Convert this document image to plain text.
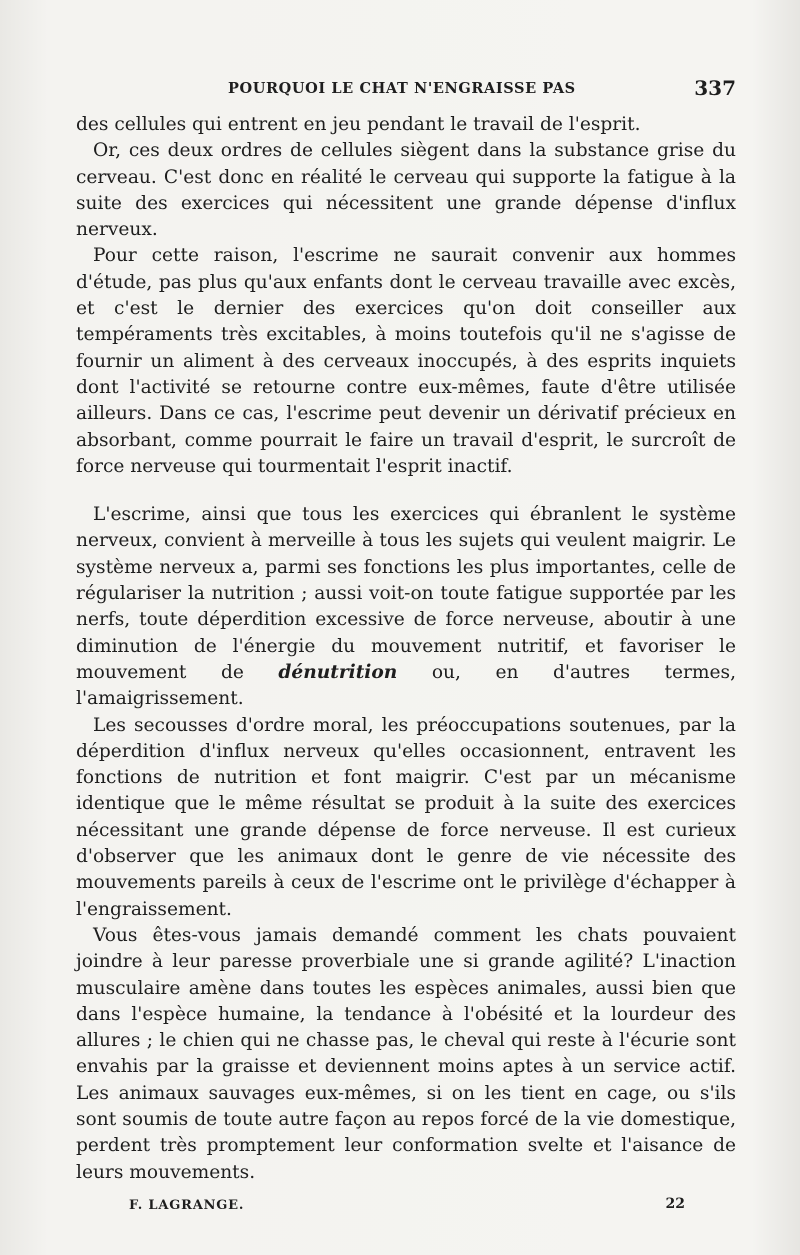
POURQUOI LE CHAT N'ENGRAISSE PAS	337

des cellules qui entrent en jeu pendant le travail de l'esprit.

Or, ces deux ordres de cellules siègent dans la substance grise du cerveau. C'est donc en réalité le cerveau qui supporte la fatigue à la suite des exercices qui nécessitent une grande dépense d'influx nerveux.

Pour cette raison, l'escrime ne saurait convenir aux hommes d'étude, pas plus qu'aux enfants dont le cerveau travaille avec excès, et c'est le dernier des exercices qu'on doit conseiller aux tempéraments très excitables, à moins toutefois qu'il ne s'agisse de fournir un aliment à des cerveaux inoccupés, à des esprits inquiets dont l'activité se retourne contre eux-mêmes, faute d'être utilisée ailleurs. Dans ce cas, l'escrime peut devenir un dérivatif précieux en absorbant, comme pourrait le faire un travail d'esprit, le surcroît de force nerveuse qui tourmentait l'esprit inactif.

L'escrime, ainsi que tous les exercices qui ébranlent le système nerveux, convient à merveille à tous les sujets qui veulent maigrir. Le système nerveux a, parmi ses fonctions les plus importantes, celle de régulariser la nutrition ; aussi voit-on toute fatigue supportée par les nerfs, toute déperdition excessive de force nerveuse, aboutir à une diminution de l'énergie du mouvement nutritif, et favoriser le mouvement de dénutrition ou, en d'autres termes, l'amaigrissement.

Les secousses d'ordre moral, les préoccupations soutenues, par la déperdition d'influx nerveux qu'elles occasionnent, entravent les fonctions de nutrition et font maigrir. C'est par un mécanisme identique que le même résultat se produit à la suite des exercices nécessitant une grande dépense de force nerveuse. Il est curieux d'observer que les animaux dont le genre de vie nécessite des mouvements pareils à ceux de l'escrime ont le privilège d'échapper à l'engraissement.

Vous êtes-vous jamais demandé comment les chats pouvaient joindre à leur paresse proverbiale une si grande agilité? L'inaction musculaire amène dans toutes les espèces animales, aussi bien que dans l'espèce humaine, la tendance à l'obésité et la lourdeur des allures ; le chien qui ne chasse pas, le cheval qui reste à l'écurie sont envahis par la graisse et deviennent moins aptes à un service actif. Les animaux sauvages eux-mêmes, si on les tient en cage, ou s'ils sont soumis de toute autre façon au repos forcé de la vie domestique, perdent très promptement leur conformation svelte et l'aisance de leurs mouvements.

F. LAGRANGE.	22
